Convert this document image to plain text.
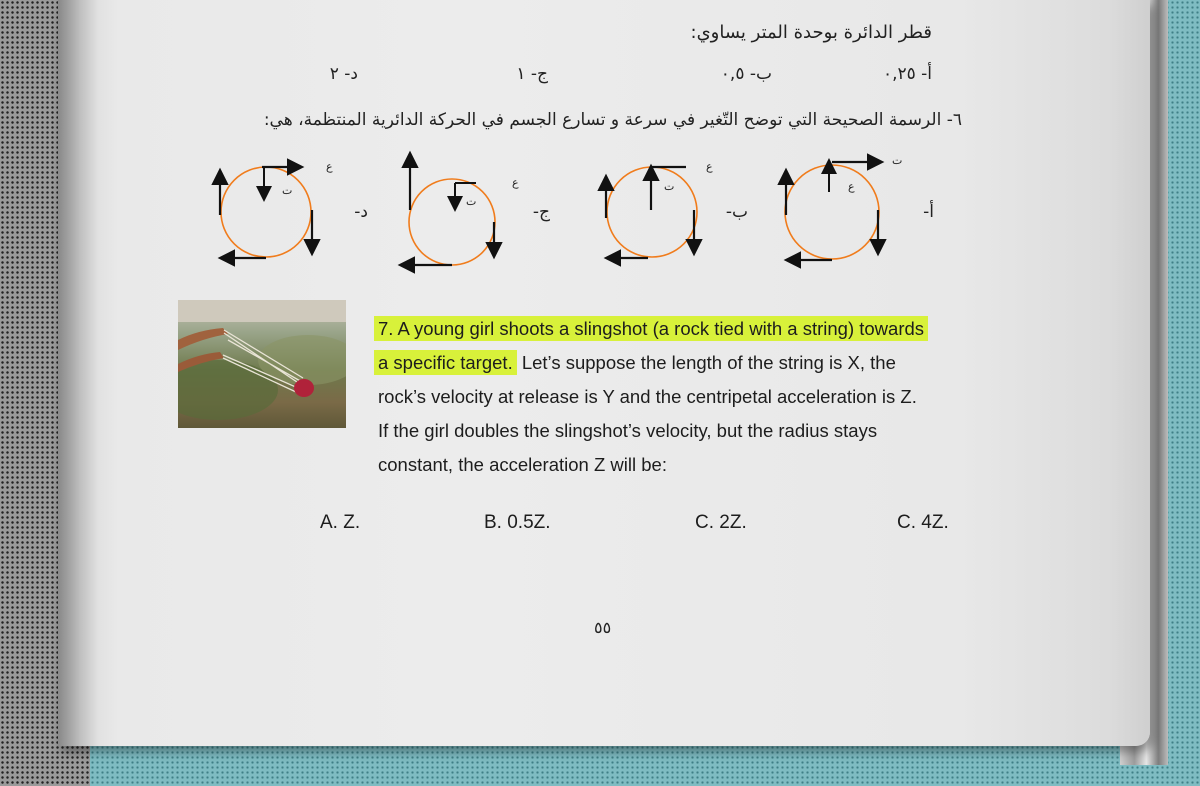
قطر الدائرة بوحدة المتر يساوي:
أ- ٠,٢٥
ب- ٠,٥
ج- ١
د- ٢
٦- الرسمة الصحيحة التي توضح التّغير في سرعة و تسارع الجسم في الحركة الدائرية المنتظمة، هي:
أ-
ب-
ج-
د-
ع
ت
ع
ت
ع
ت
ع
ت
7. A young girl shoots a slingshot (a rock tied with a string) towards
a specific target. Let’s suppose the length of the string is X, the
rock’s velocity at release is Y and the centripetal acceleration is Z.
If the girl doubles the slingshot’s velocity, but the radius stays
constant, the acceleration Z will be:
A. Z.	B. 0.5Z.	C. 2Z.	C. 4Z.
٥٥
